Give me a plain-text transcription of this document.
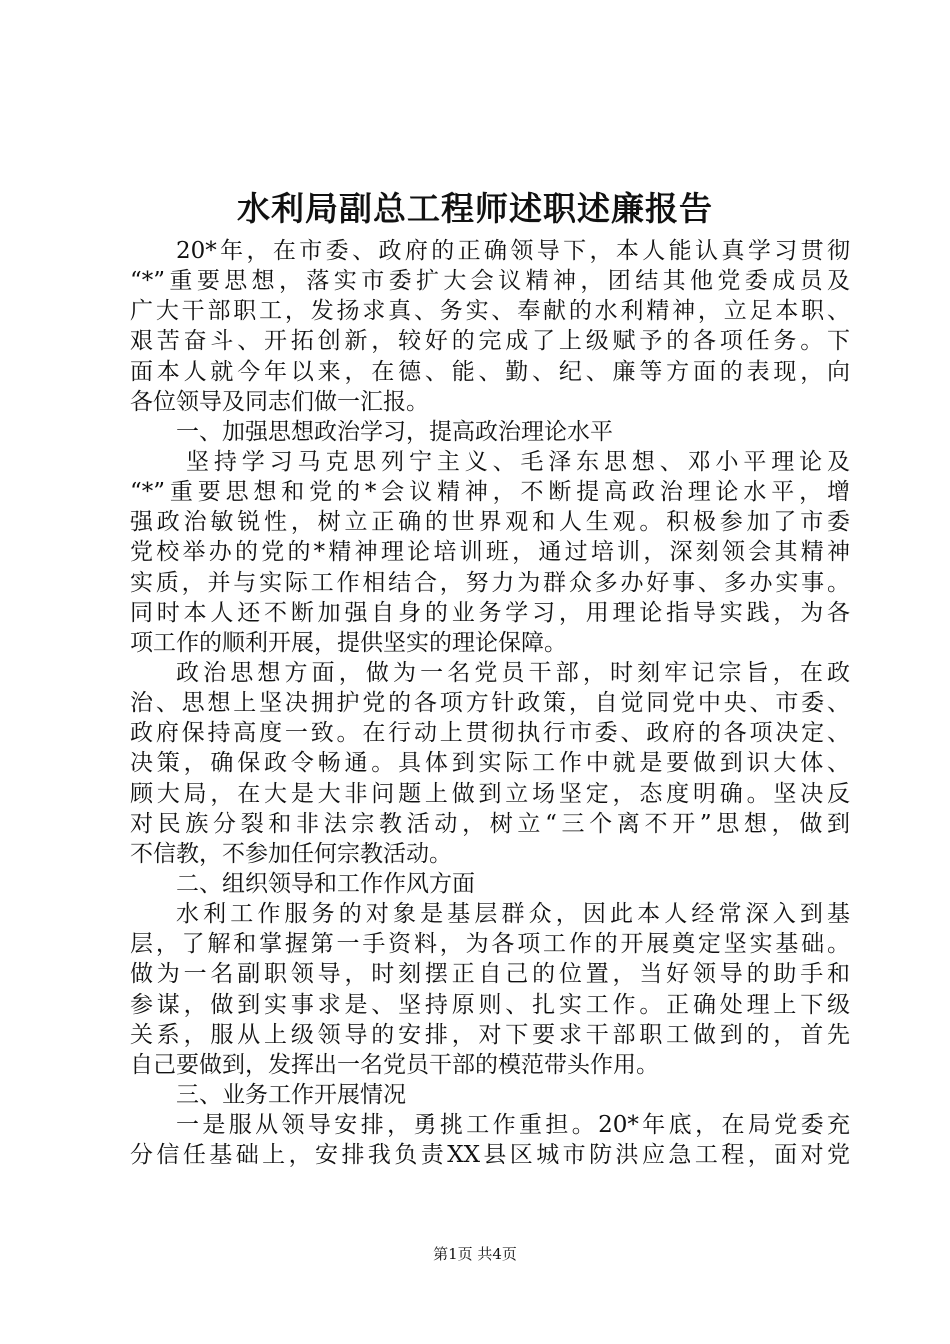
水利局副总工程师述职述廉报告
20*年，在市委、政府的正确领导下，本人能认真学习贯彻
“*”重要思想，落实市委扩大会议精神，团结其他党委成员及
广大干部职工，发扬求真、务实、奉献的水利精神，立足本职、
艰苦奋斗、开拓创新，较好的完成了上级赋予的各项任务。下
面本人就今年以来，在德、能、勤、纪、廉等方面的表现，向
各位领导及同志们做一汇报。
一、加强思想政治学习，提高政治理论水平
坚持学习马克思列宁主义、毛泽东思想、邓小平理论及
“*”重要思想和党的*会议精神，不断提高政治理论水平，增
强政治敏锐性，树立正确的世界观和人生观。积极参加了市委
党校举办的党的*精神理论培训班，通过培训，深刻领会其精神
实质，并与实际工作相结合，努力为群众多办好事、多办实事。
同时本人还不断加强自身的业务学习，用理论指导实践，为各
项工作的顺利开展，提供坚实的理论保障。
政治思想方面，做为一名党员干部，时刻牢记宗旨，在政
治、思想上坚决拥护党的各项方针政策，自觉同党中央、市委、
政府保持高度一致。在行动上贯彻执行市委、政府的各项决定、
决策，确保政令畅通。具体到实际工作中就是要做到识大体、
顾大局，在大是大非问题上做到立场坚定，态度明确。坚决反
对民族分裂和非法宗教活动，树立“三个离不开”思想，做到
不信教，不参加任何宗教活动。
二、组织领导和工作作风方面
水利工作服务的对象是基层群众，因此本人经常深入到基
层，了解和掌握第一手资料，为各项工作的开展奠定坚实基础。
做为一名副职领导，时刻摆正自己的位置，当好领导的助手和
参谋，做到实事求是、坚持原则、扎实工作。正确处理上下级
关系，服从上级领导的安排，对下要求干部职工做到的，首先
自己要做到，发挥出一名党员干部的模范带头作用。
三、业务工作开展情况
一是服从领导安排，勇挑工作重担。20*年底，在局党委充
分信任基础上，安排我负责XX县区城市防洪应急工程，面对党
第1页 共4页
